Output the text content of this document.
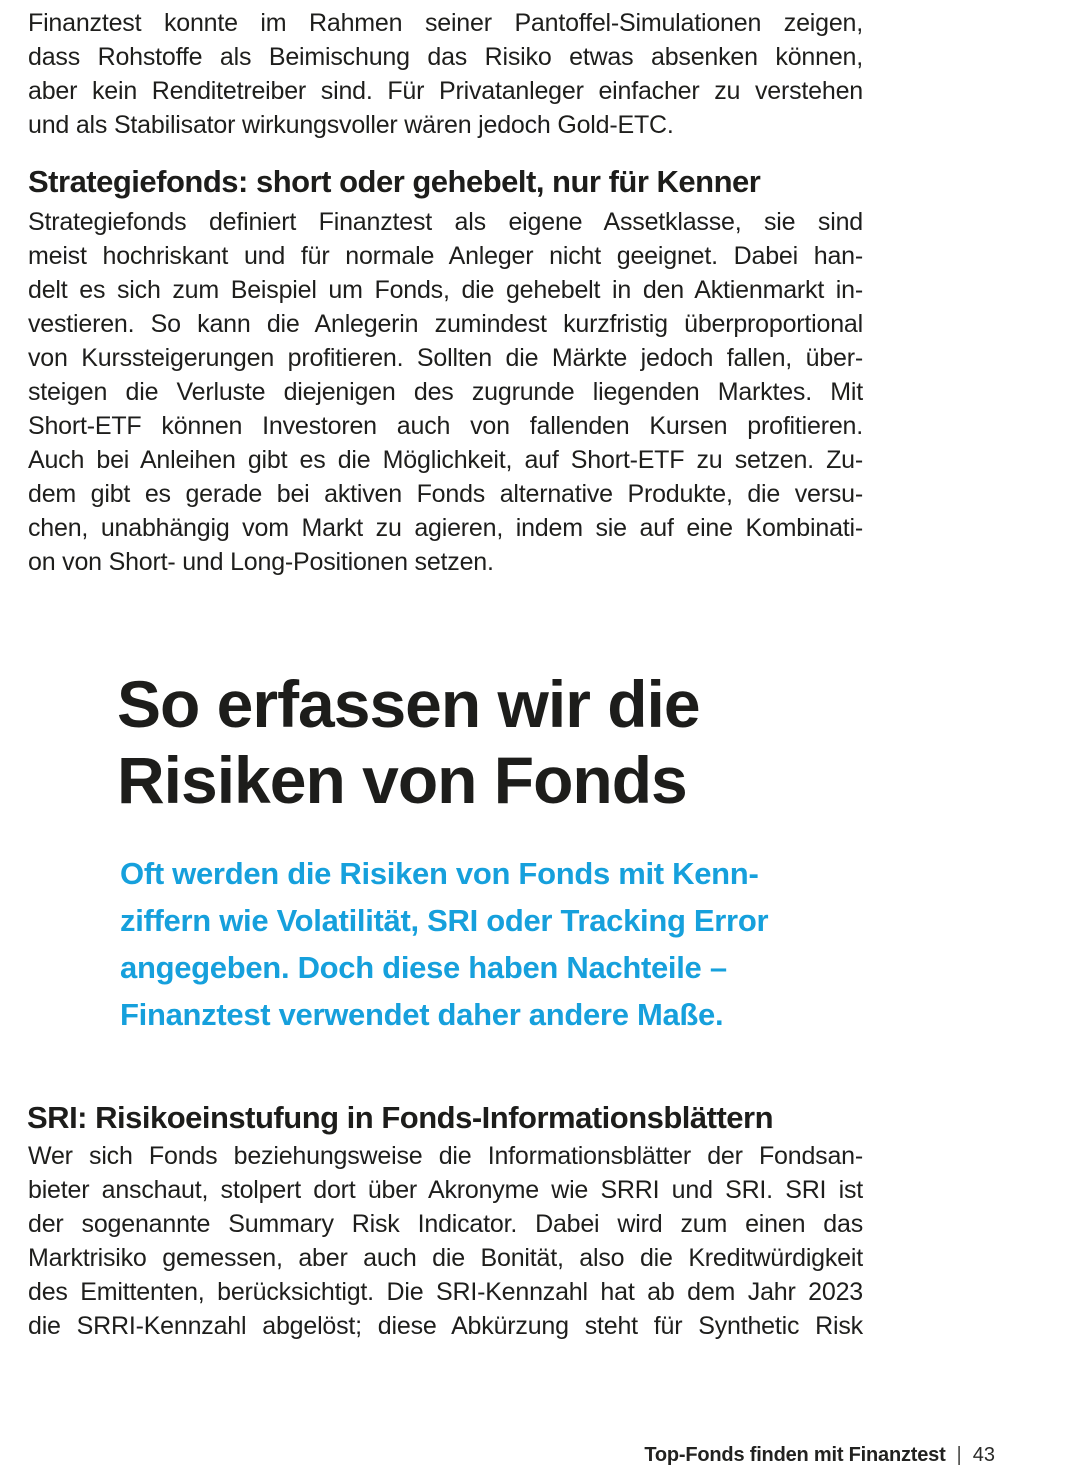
Finanztest konnte im Rahmen seiner Pantoffel-Simulationen zeigen,
dass Rohstoffe als Beimischung das Risiko etwas absenken können,
aber kein Renditetreiber sind. Für Privatanleger einfacher zu verstehen
und als Stabilisator wirkungsvoller wären jedoch Gold-ETC.
Strategiefonds: short oder gehebelt, nur für Kenner
Strategiefonds definiert Finanztest als eigene Assetklasse, sie sind
meist hochriskant und für normale Anleger nicht geeignet. Dabei han-
delt es sich zum Beispiel um Fonds, die gehebelt in den Aktienmarkt in-
vestieren. So kann die Anlegerin zumindest kurzfristig überproportional
von Kurssteigerungen profitieren. Sollten die Märkte jedoch fallen, über-
steigen die Verluste diejenigen des zugrunde liegenden Marktes. Mit
Short-ETF können Investoren auch von fallenden Kursen profitieren.
Auch bei Anleihen gibt es die Möglichkeit, auf Short-ETF zu setzen. Zu-
dem gibt es gerade bei aktiven Fonds alternative Produkte, die versu-
chen, unabhängig vom Markt zu agieren, indem sie auf eine Kombinati-
on von Short- und Long-Positionen setzen.
So erfassen wir die
Risiken von Fonds
Oft werden die Risiken von Fonds mit Kenn-
ziffern wie Volatilität, SRI oder Tracking Error
angegeben. Doch diese haben Nachteile –
Finanztest verwendet daher andere Maße.
SRI: Risikoeinstufung in Fonds-Informationsblättern
Wer sich Fonds beziehungsweise die Informationsblätter der Fondsan-
bieter anschaut, stolpert dort über Akronyme wie SRRI und SRI. SRI ist
der sogenannte Summary Risk Indicator. Dabei wird zum einen das
Marktrisiko gemessen, aber auch die Bonität, also die Kreditwürdigkeit
des Emittenten, berücksichtigt. Die SRI-Kennzahl hat ab dem Jahr 2023
die SRRI-Kennzahl abgelöst; diese Abkürzung steht für Synthetic Risk
Top-Fonds finden mit Finanztest | 43
